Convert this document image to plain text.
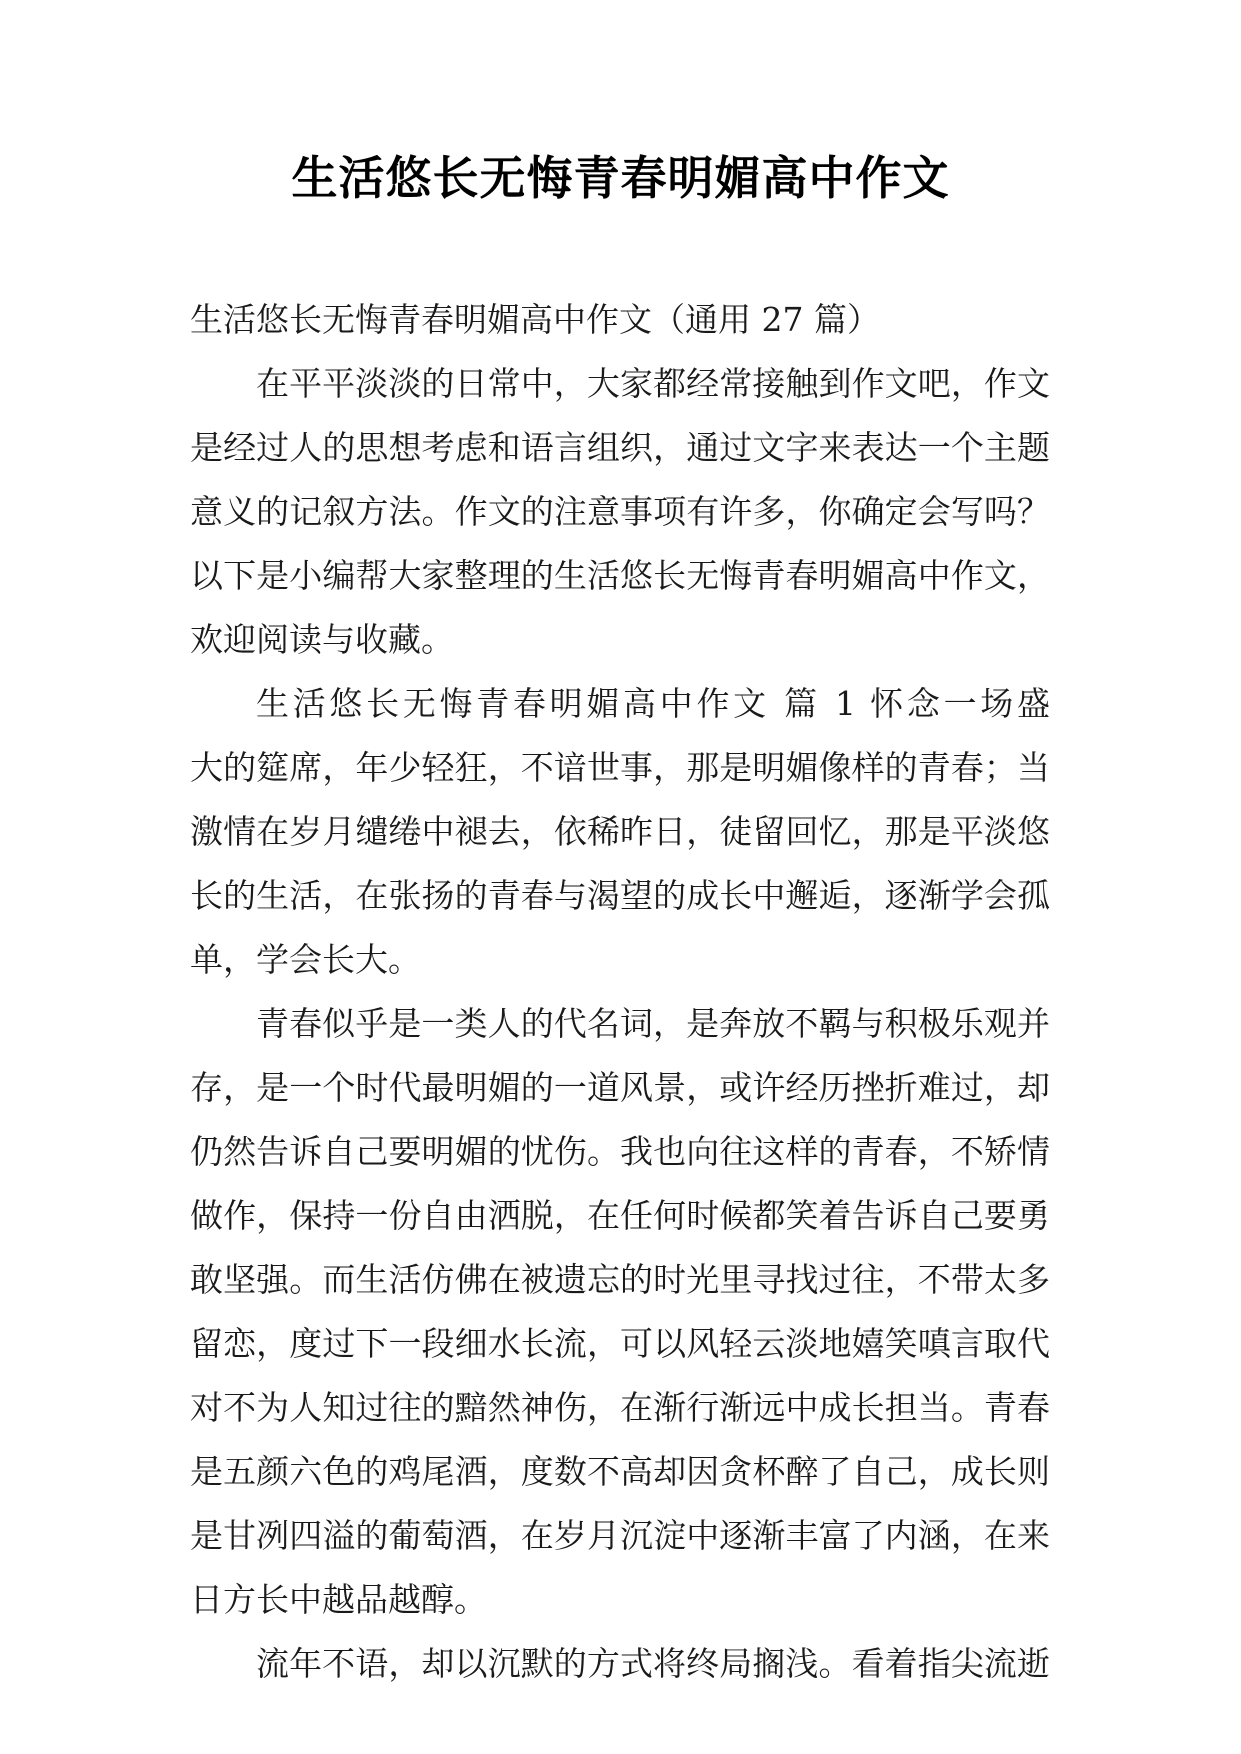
生活悠长无悔青春明媚高中作文
生活悠长无悔青春明媚高中作文（通用 27 篇）
在平平淡淡的日常中，大家都经常接触到作文吧，作文
是经过人的思想考虑和语言组织，通过文字来表达一个主题
意义的记叙方法。作文的注意事项有许多，你确定会写吗？
以下是小编帮大家整理的生活悠长无悔青春明媚高中作文，
欢迎阅读与收藏。
生活悠长无悔青春明媚高中作文 篇 1 怀念一场盛
大的筵席，年少轻狂，不谙世事，那是明媚像样的青春；当
激情在岁月缱绻中褪去，依稀昨日，徒留回忆，那是平淡悠
长的生活，在张扬的青春与渴望的成长中邂逅，逐渐学会孤
单，学会长大。
青春似乎是一类人的代名词，是奔放不羁与积极乐观并
存，是一个时代最明媚的一道风景，或许经历挫折难过，却
仍然告诉自己要明媚的忧伤。我也向往这样的青春，不矫情
做作，保持一份自由洒脱，在任何时候都笑着告诉自己要勇
敢坚强。而生活仿佛在被遗忘的时光里寻找过往，不带太多
留恋，度过下一段细水长流，可以风轻云淡地嬉笑嗔言取代
对不为人知过往的黯然神伤，在渐行渐远中成长担当。青春
是五颜六色的鸡尾酒，度数不高却因贪杯醉了自己，成长则
是甘冽四溢的葡萄酒，在岁月沉淀中逐渐丰富了内涵，在来
日方长中越品越醇。
流年不语，却以沉默的方式将终局搁浅。看着指尖流逝
